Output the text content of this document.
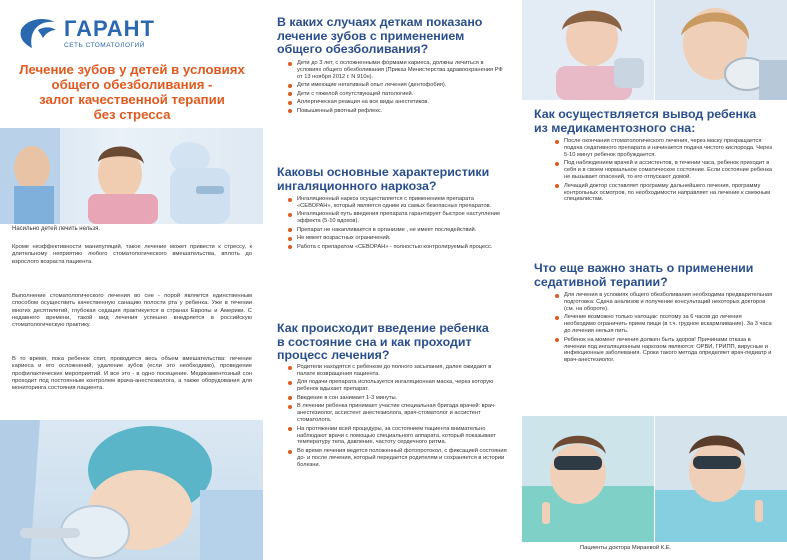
ГАРАНТ
СЕТЬ СТОМАТОЛОГИЙ
Лечение зубов у детей в условиях
общего обезболивания -
залог качественной терапии
без стресса
Насильно детей лечить нельзя.

Кроме неэффективности манипуляций, такое лечение может привести к стрессу, к длительному неприятию любого стоматологического вмешательства, вплоть до взрослого возраста пациента.

Выполнение стоматологического лечения во сне - порой является единственным способом осуществить качественную санацию полости рта у ребенка. Уже в течении многих десятилетий, глубокая седация практикуется в странах Европы и Америки. С недавнего времени, такой вид лечения успешно внедряется в российскую стоматологическую практику.

В то время, пока ребенок спит, проводится весь объем вмешательства: лечение кариеса и его осложнений, удаление зубов (если это необходимо), проведение профилактических мероприятий. И все это - в одно посещение. Медикаментозный сон проходит под постоянным контролем врача-анестезиолога, а также оборудования для мониторинга состояния пациента.

В каких случаях деткам показано
лечение зубов с применением
общего обезболивания?
Дети до 3 лет, с осложненными формами кариеса, должны лечиться в условиях общего обезболивания (Приказ Министерства здравоохранения РФ от 13 ноября 2012 г. N 910н).
Дети имеющие негативный опыт лечения (дентофобия).
Дети с тяжелой сопутствующей патологией.
Аллергическая реакция на все виды анестетиков.
Повышенный рвотный рефлекс.
Каковы основные характеристики
ингаляционного наркоза?
Ингаляционный наркоз осуществляется с применением препарата «СЕВОРАН», который является одним из самых безопасных препаратов.
Ингаляционный путь введения препарата гарантирует быстрое наступление эффекта (5-10 вдохов).
Препарат не накапливается в организме , не имеет последействий.
Не имеет возрастных ограничений.
Работа с препаратом «СЕВОРАН» - полностью контролируемый процесс.
Как происходит введение ребенка
в состояние сна и как проходит
процесс лечения?
Родители находятся с ребенком до полного засыпания, далее ожидают в палате возвращения пациента.
Для подачи препарата используется ингаляционная маска, через которую ребенок вдыхает препарат.
Введение в сон занимает 1-3 минуты.
В лечении ребенка принимает участие специальная бригада врачей: врач-анестезиолог, ассистент анестезиолога, врач-стоматолог и ассистент стоматолога.
На протяжении всей процедуры, за состоянием пациента внимательно наблюдают врачи с помощью специального аппарата, который показывает температуру тела, давление, частоту сердечного ритма.
Во время лечения ведется положенный фотопротокол, с фиксацией состояния до- и после лечения, который передается родителям и сохраняется в истории болезни.
Как осуществляется вывод ребенка
из медикаментозного сна:
После окончания стоматологического лечения, через маску прекращается подача седативного препарата и начинается подача чистого кислорода. Через 5-10 минут ребенок пробуждается.
Под наблюдением врачей и ассистентов, в течении часа, ребенок приходит в себя и в своем нормальное соматическое состояние. Если состояние ребенка не вызывает опасений, то его отпускают домой.
Лечащий доктор составляет программу дальнейшего лечения, программу контрольных осмотров, по необходимости направляет на лечение к смежным специалистам.
Что еще важно знать о применении
седативной терапии?
Для лечения в условиях общего обезболивания необходима предварительная подготовка: Сдача анализов и получение консультаций некоторых докторов (см. на обороте).
Лечение возможно только натощак: поэтому за 6 часов до лечения необходимо ограничить прием пищи (в т.ч. грудное вскармливание). За 3 часа до лечения нельзя пить.
Ребенок на момент лечения должен быть здоров! Причинами отказа в лечении под ингаляционным наркозом являются: ОРВИ, ГРИПП, вирусные и инфекционные заболевания. Сроки такого метода определяет врач-педиатр и врач-анестезиолог.
Пациенты доктора Мираевой К.Е.
